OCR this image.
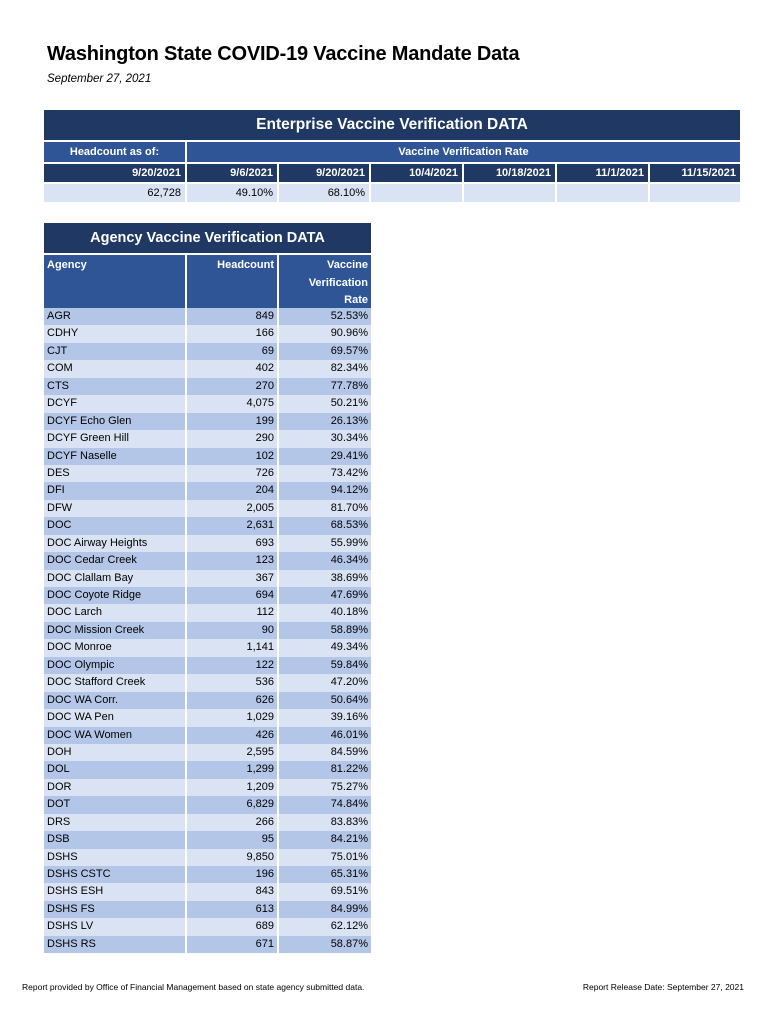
Washington State COVID-19 Vaccine Mandate Data
September 27, 2021
Enterprise Vaccine Verification DATA
Headcount as of:	Vaccine Verification Rate
9/20/2021	9/6/2021	9/20/2021	10/4/2021	10/18/2021	11/1/2021	11/15/2021
62,728	49.10%	68.10%
Agency Vaccine Verification DATA
Agency	Headcount	Vaccine
Verification
Rate
AGR	849	52.53%
CDHY	166	90.96%
CJT	69	69.57%
COM	402	82.34%
CTS	270	77.78%
DCYF	4,075	50.21%
DCYF Echo Glen	199	26.13%
DCYF Green Hill	290	30.34%
DCYF Naselle	102	29.41%
DES	726	73.42%
DFI	204	94.12%
DFW	2,005	81.70%
DOC	2,631	68.53%
DOC Airway Heights	693	55.99%
DOC Cedar Creek	123	46.34%
DOC Clallam Bay	367	38.69%
DOC Coyote Ridge	694	47.69%
DOC Larch	112	40.18%
DOC Mission Creek	90	58.89%
DOC Monroe	1,141	49.34%
DOC Olympic	122	59.84%
DOC Stafford Creek	536	47.20%
DOC WA Corr.	626	50.64%
DOC WA Pen	1,029	39.16%
DOC WA Women	426	46.01%
DOH	2,595	84.59%
DOL	1,299	81.22%
DOR	1,209	75.27%
DOT	6,829	74.84%
DRS	266	83.83%
DSB	95	84.21%
DSHS	9,850	75.01%
DSHS CSTC	196	65.31%
DSHS ESH	843	69.51%
DSHS FS	613	84.99%
DSHS LV	689	62.12%
DSHS RS	671	58.87%
Report provided by Office of Financial Management based on state agency submitted data.	Report Release Date: September 27, 2021
